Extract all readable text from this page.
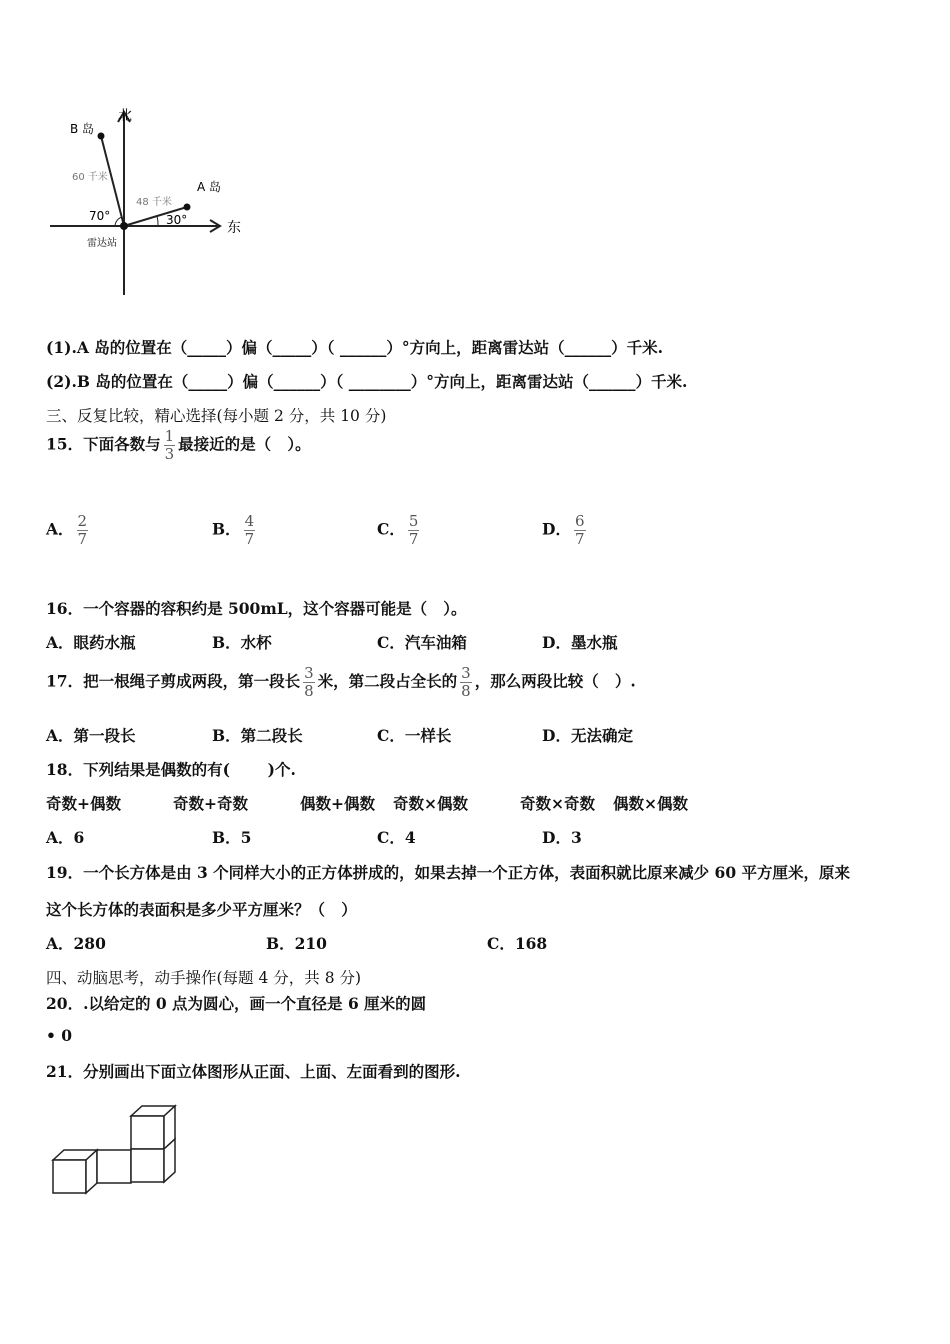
北
东
B 岛
A 岛
60 千米
48 千米
70°	30°
雷达站
(1).A 岛的位置在（_____）偏（_____）（ ______）°方向上，距离雷达站（______）千米.
(2).B 岛的位置在（_____）偏（______）（ ________）°方向上，距离雷达站（______）千米.
三、反复比较，精心选择(每小题 2 分，共 10 分)
15．下面各数与 $\frac{1}{3}$ 最接近的是（   ）。
A． $\frac{2}{7}$	B． $\frac{4}{7}$	C． $\frac{5}{7}$	D． $\frac{6}{7}$
16．一个容器的容积约是 500mL，这个容器可能是（   ）。
A．眼药水瓶	B．水杯	C．汽车油箱	D．墨水瓶
17．把一根绳子剪成两段，第一段长 $\frac{3}{8}$ 米，第二段占全长的 $\frac{3}{8}$ ，那么两段比较（   ）.
A．第一段长	B．第二段长	C．一样长	D．无法确定
18．下列结果是偶数的有(       )个.
奇数+偶数	奇数+奇数	偶数+偶数 奇数×偶数	奇数×奇数 偶数×偶数
A．6	B．5	C．4	D．3
19．一个长方体是由 3 个同样大小的正方体拼成的，如果去掉一个正方体，表面积就比原来减少 60 平方厘米，原来
这个长方体的表面积是多少平方厘米？（   ）
A．280	B．210	C．168
四、动脑思考，动手操作(每题 4 分，共 8 分)
20．.以给定的 0 点为圆心，画一个直径是 6 厘米的圆
• 0
21．分别画出下面立体图形从正面、上面、左面看到的图形.
